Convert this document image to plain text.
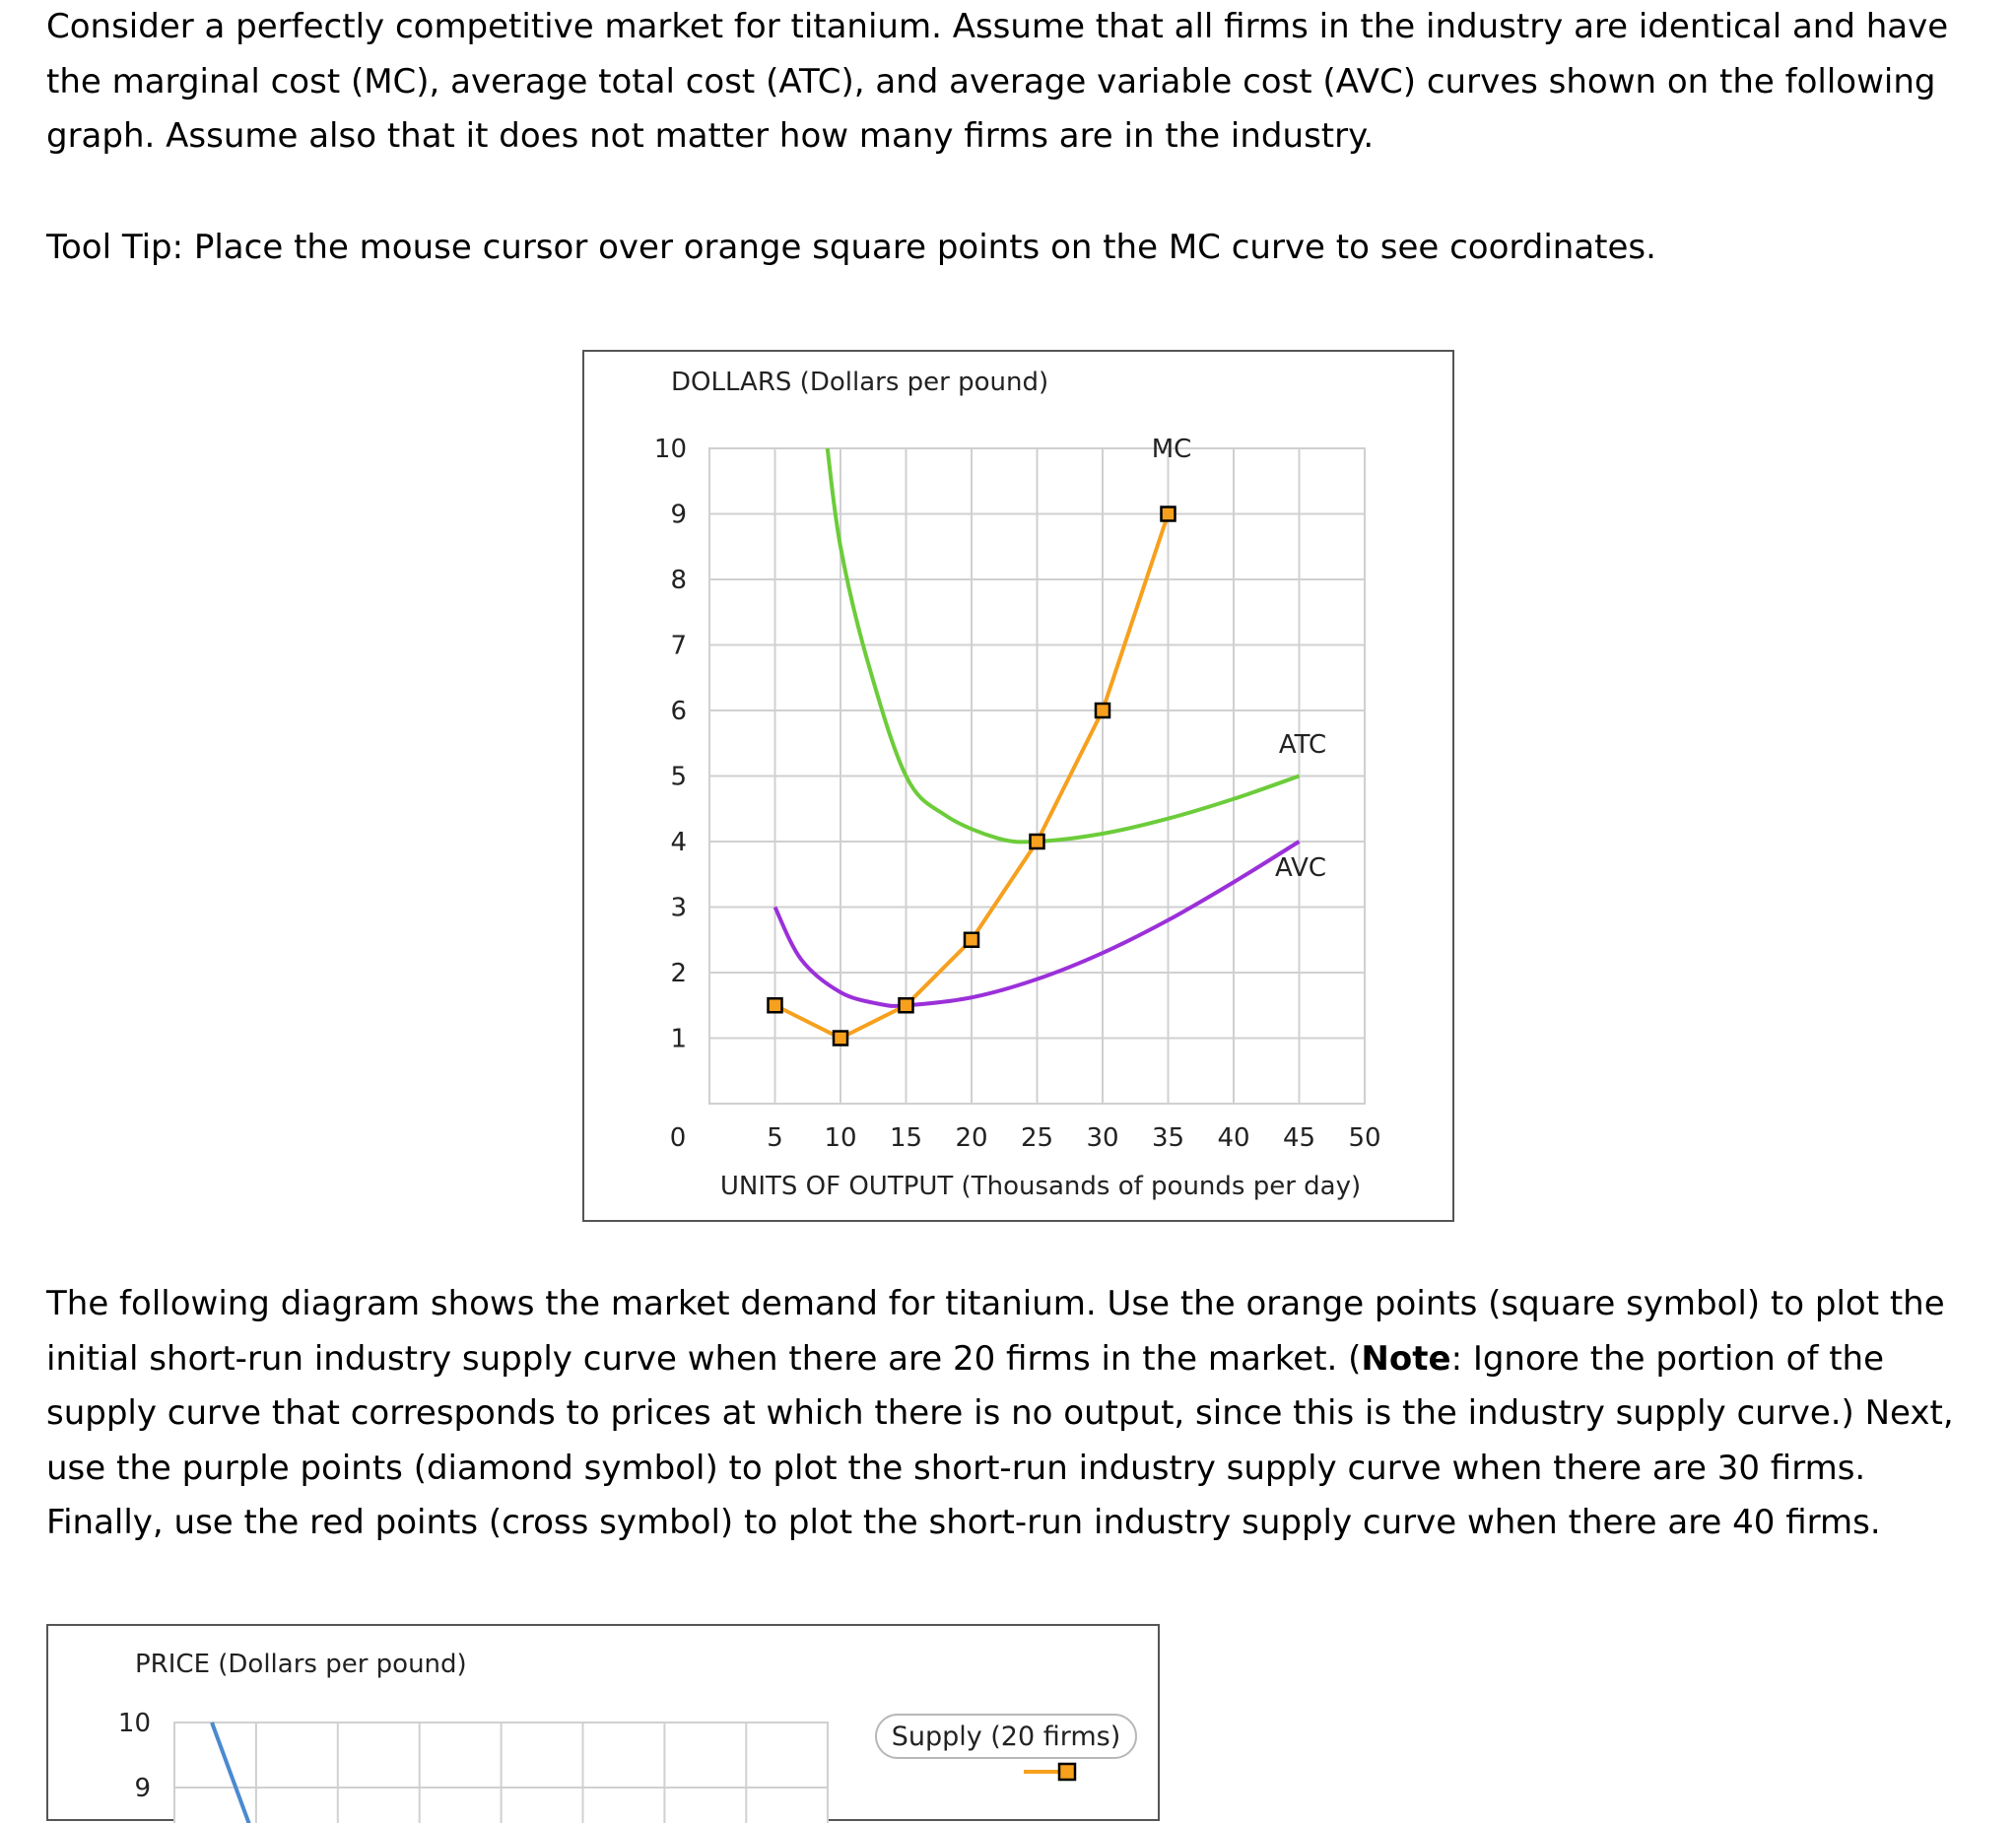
Consider a perfectly competitive market for titanium. Assume that all firms in the industry are identical and have the marginal cost (MC), average total cost (ATC), and average variable cost (AVC) curves shown on the following graph. Assume also that it does not matter how many firms are in the industry.

Tool Tip: Place the mouse cursor over orange square points on the MC curve to see coordinates.

The following diagram shows the market demand for titanium. Use the orange points (square symbol) to plot the initial short-run industry supply curve when there are 20 firms in the market. (Note: Ignore the portion of the supply curve that corresponds to prices at which there is no output, since this is the industry supply curve.) Next, use the purple points (diamond symbol) to plot the short-run industry supply curve when there are 30 firms. Finally, use the red points (cross symbol) to plot the short-run industry supply curve when there are 40 firms.

0	5 10 15 20 25 30 35 40 45 50
1
2
3
4
5
6
7
8
9
10
DOLLARS (Dollars per pound)
UNITS OF OUTPUT (Thousands of pounds per day)
MC
ATC
AVC
10
9
PRICE (Dollars per pound)
Supply (20 firms)
